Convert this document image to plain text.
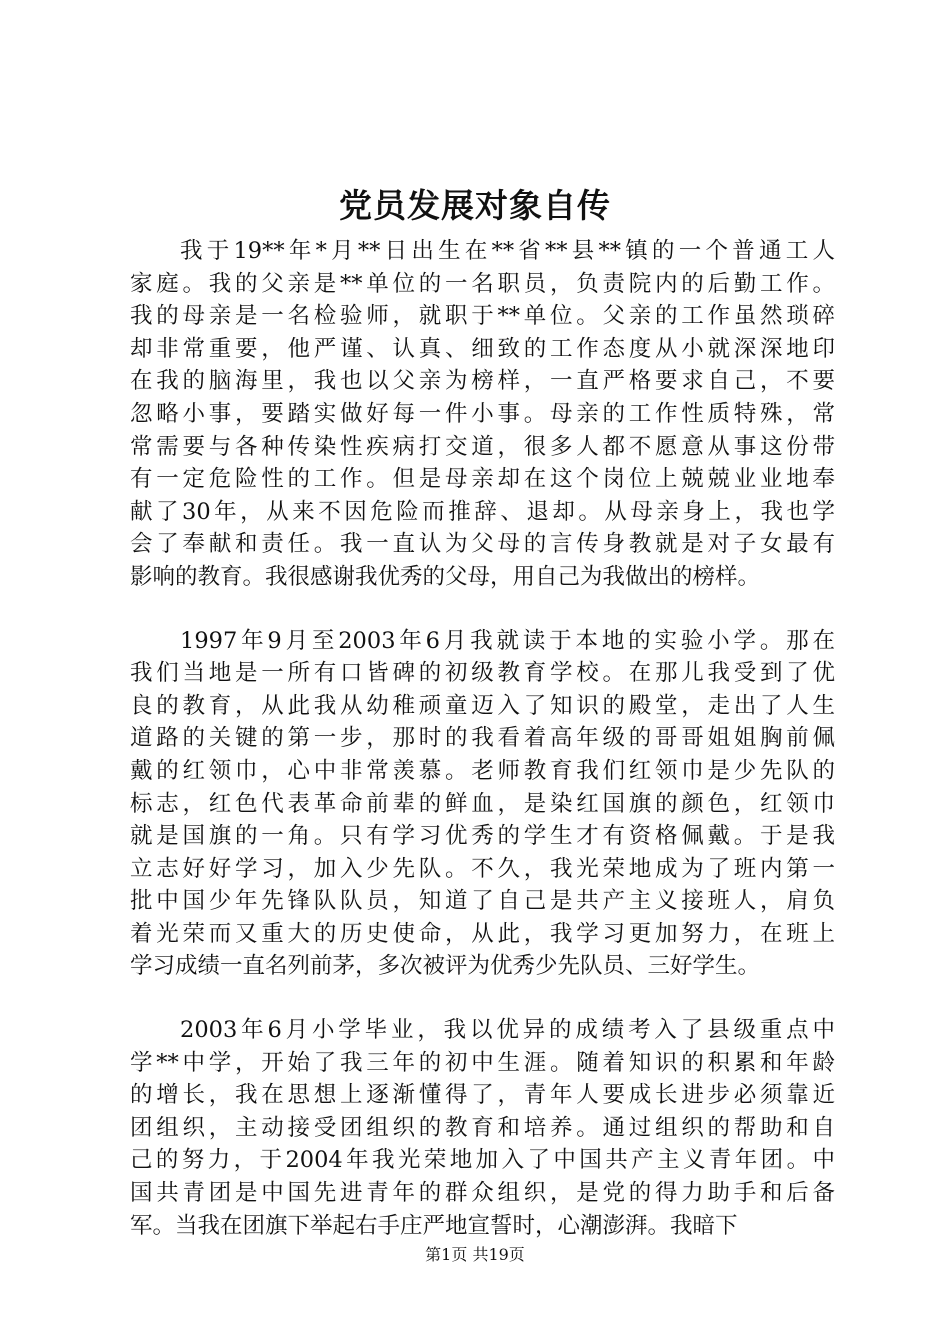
党员发展对象自传
我于19**年*月**日出生在**省**县**镇的一个普通工人
家庭。我的父亲是**单位的一名职员，负责院内的后勤工作。
我的母亲是一名检验师，就职于**单位。父亲的工作虽然琐碎
却非常重要，他严谨、认真、细致的工作态度从小就深深地印
在我的脑海里，我也以父亲为榜样，一直严格要求自己，不要
忽略小事，要踏实做好每一件小事。母亲的工作性质特殊，常
常需要与各种传染性疾病打交道，很多人都不愿意从事这份带
有一定危险性的工作。但是母亲却在这个岗位上兢兢业业地奉
献了30年，从来不因危险而推辞、退却。从母亲身上，我也学
会了奉献和责任。我一直认为父母的言传身教就是对子女最有
影响的教育。我很感谢我优秀的父母，用自己为我做出的榜样。
1997年9月至2003年6月我就读于本地的实验小学。那在
我们当地是一所有口皆碑的初级教育学校。在那儿我受到了优
良的教育，从此我从幼稚顽童迈入了知识的殿堂，走出了人生
道路的关键的第一步，那时的我看着高年级的哥哥姐姐胸前佩
戴的红领巾，心中非常羡慕。老师教育我们红领巾是少先队的
标志，红色代表革命前辈的鲜血，是染红国旗的颜色，红领巾
就是国旗的一角。只有学习优秀的学生才有资格佩戴。于是我
立志好好学习，加入少先队。不久，我光荣地成为了班内第一
批中国少年先锋队队员，知道了自己是共产主义接班人，肩负
着光荣而又重大的历史使命，从此，我学习更加努力，在班上
学习成绩一直名列前茅，多次被评为优秀少先队员、三好学生。
2003年6月小学毕业，我以优异的成绩考入了县级重点中
学**中学，开始了我三年的初中生涯。随着知识的积累和年龄
的增长，我在思想上逐渐懂得了，青年人要成长进步必须靠近
团组织，主动接受团组织的教育和培养。通过组织的帮助和自
己的努力，于2004年我光荣地加入了中国共产主义青年团。中
国共青团是中国先进青年的群众组织，是党的得力助手和后备
军。当我在团旗下举起右手庄严地宣誓时，心潮澎湃。我暗下
第1页 共19页
